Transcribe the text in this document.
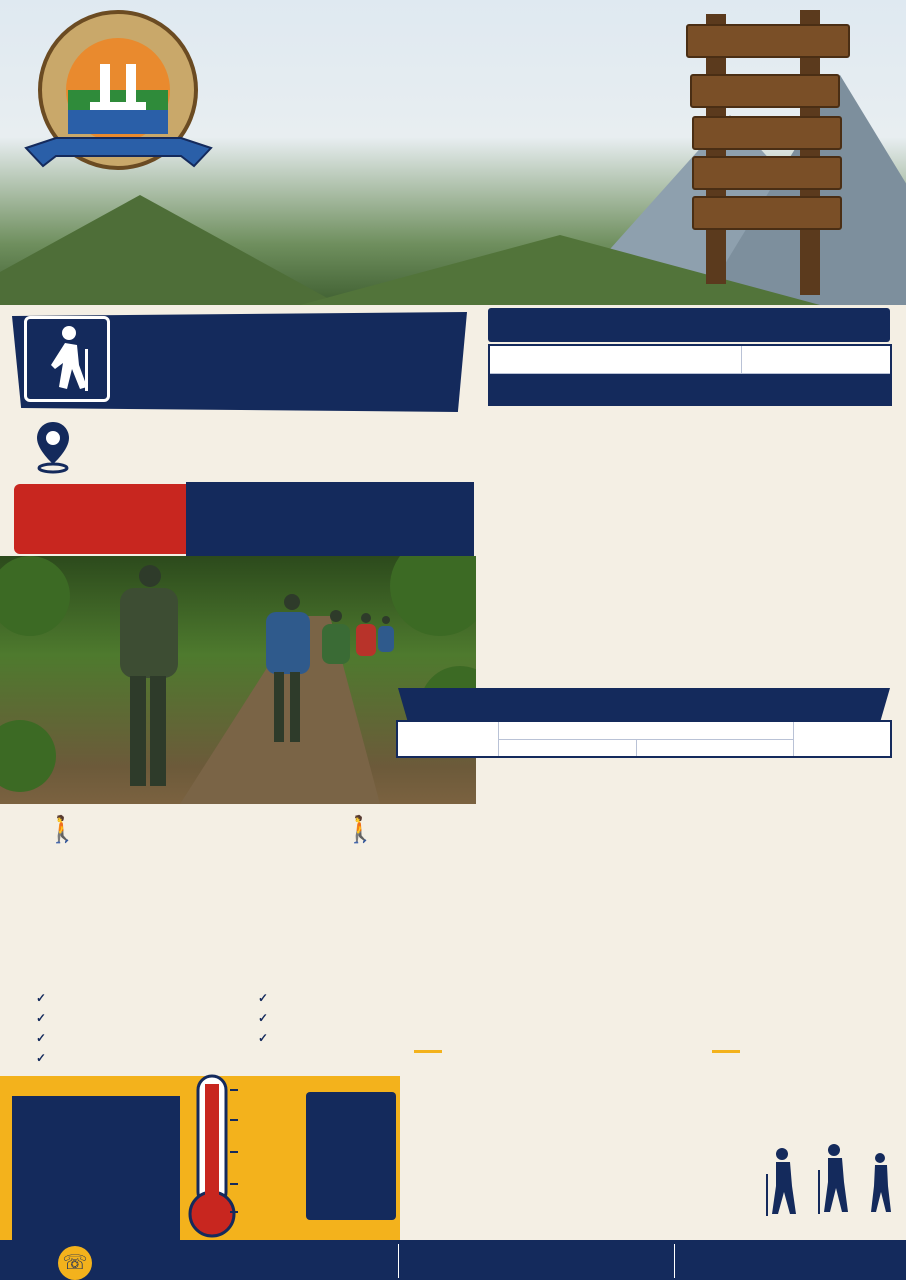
🚶	🚶
✓
✓
✓
✓
✓
✓
✓

☏
